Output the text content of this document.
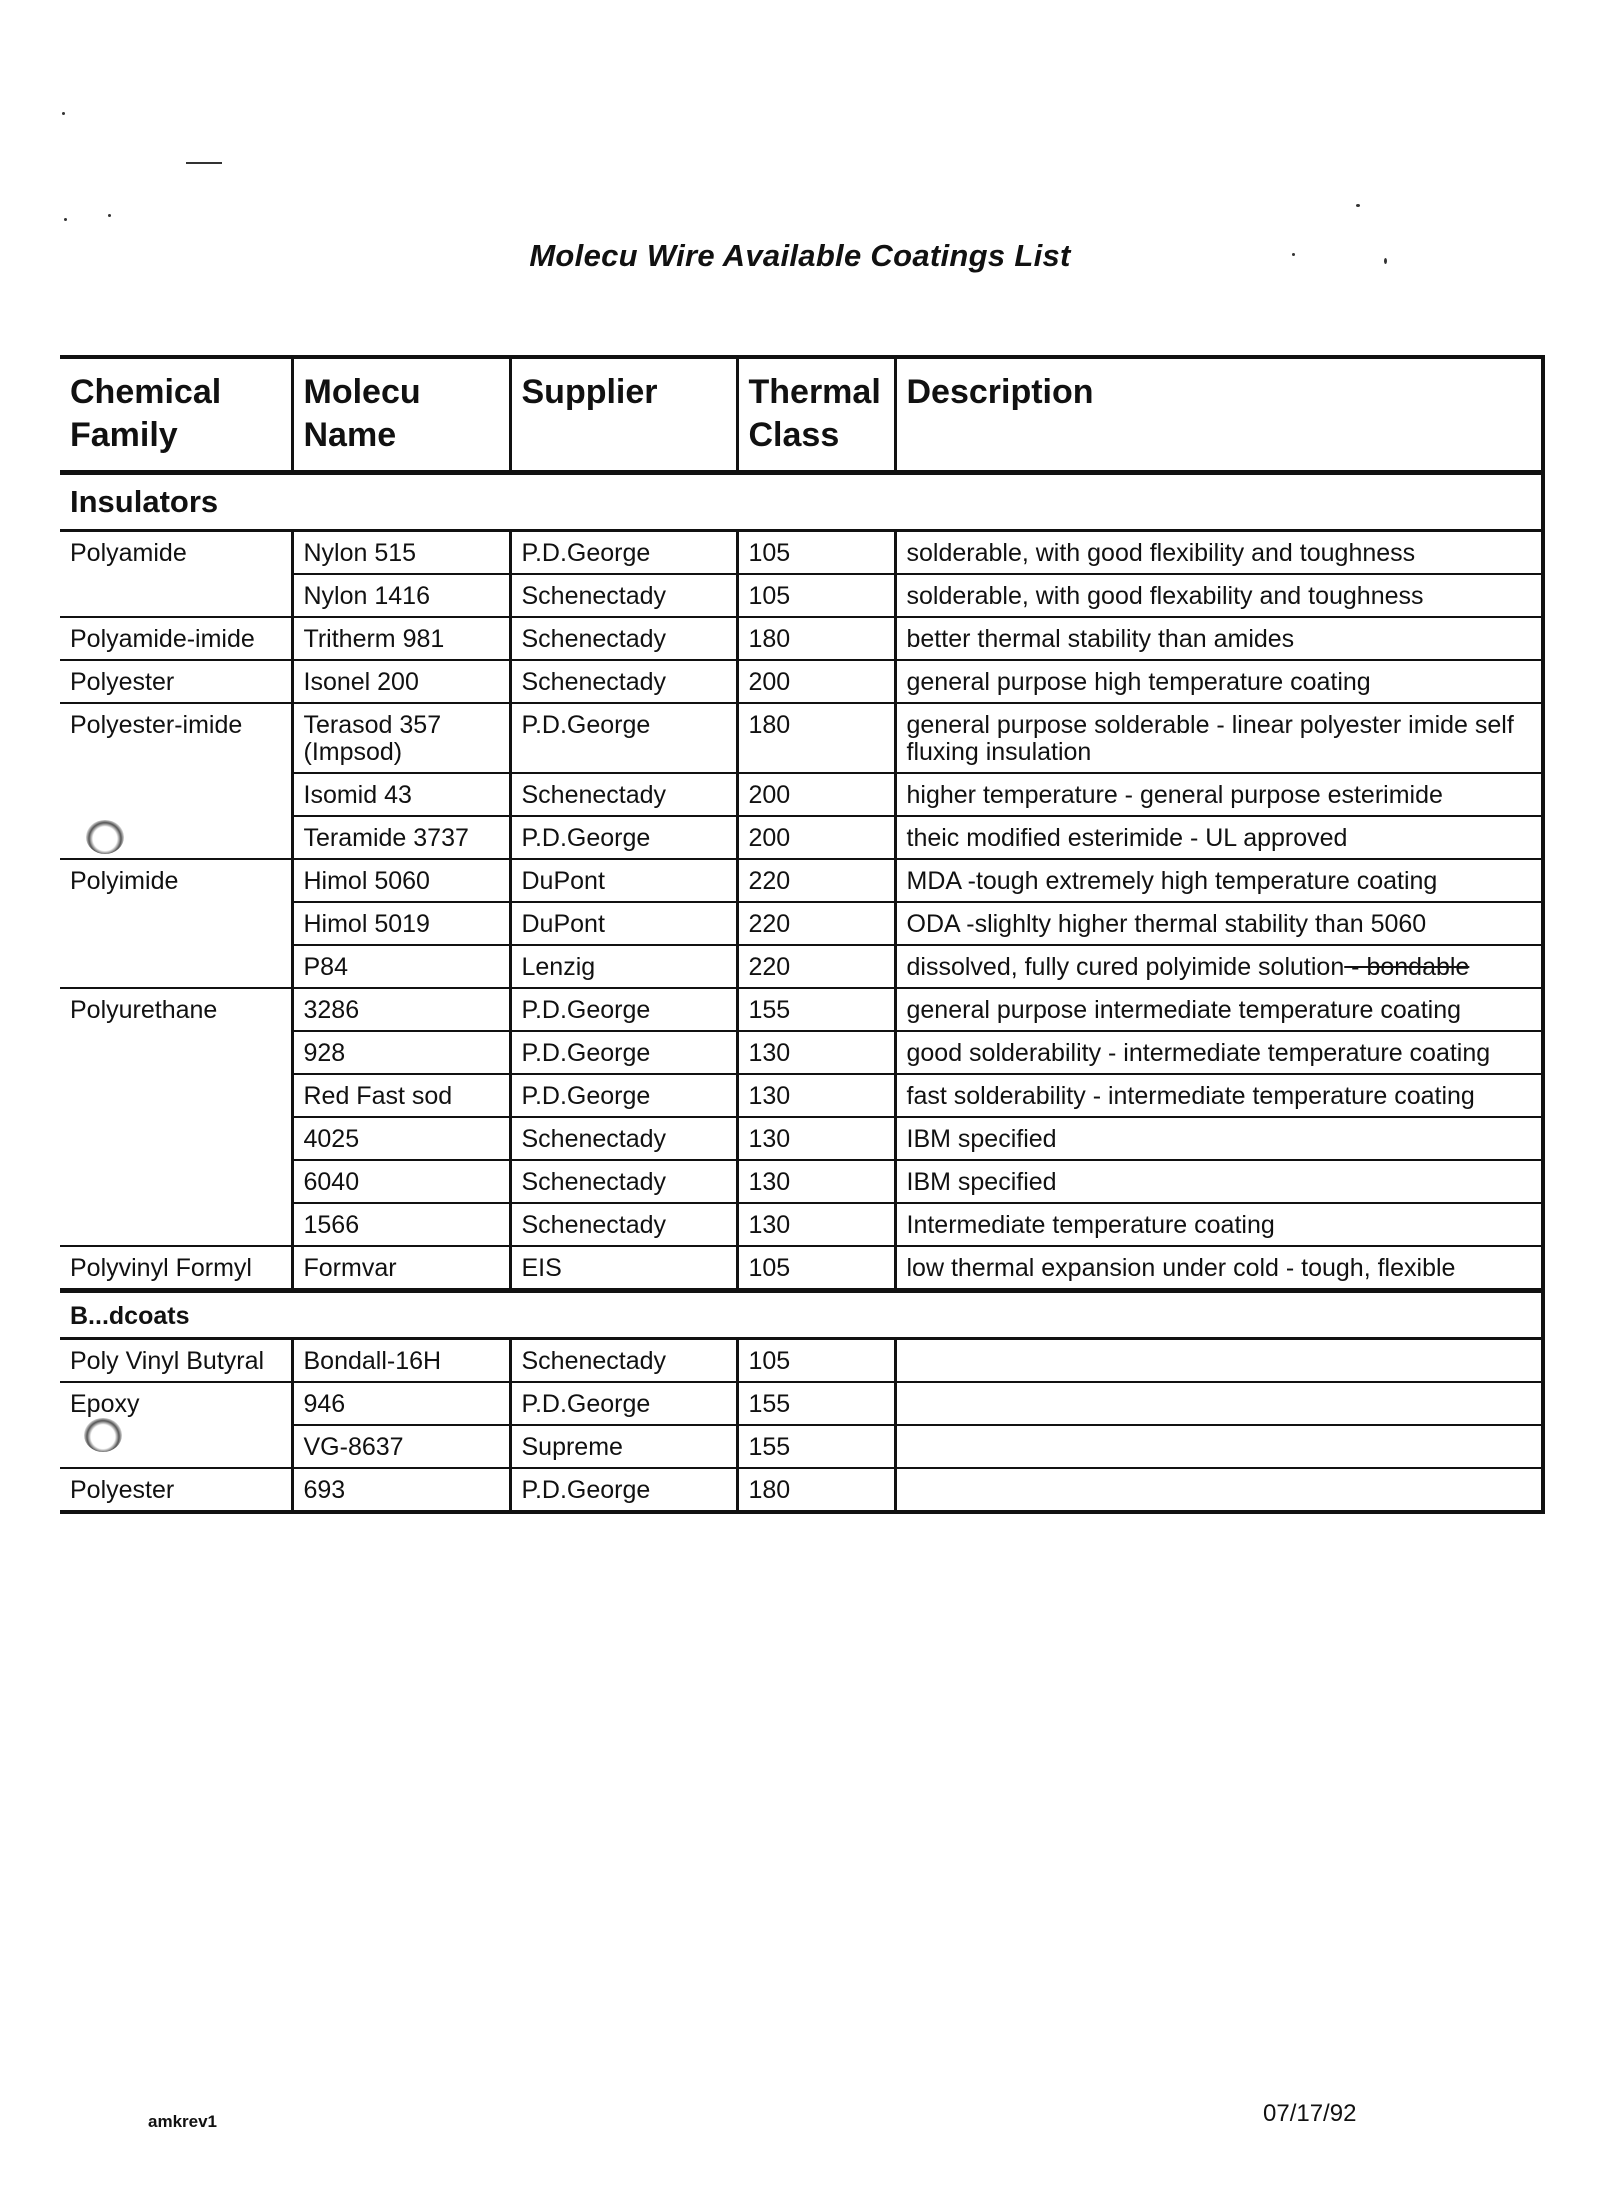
Molecu Wire Available Coatings List
Chemical Family	Molecu Name	Supplier	Thermal Class	Description
Insulators				
Polyamide	Nylon 515	P.D.George	105	solderable, with good flexibility and toughness
	Nylon 1416	Schenectady	105	solderable, with good flexability and toughness
Polyamide-imide	Tritherm 981	Schenectady	180	better thermal stability than amides
Polyester	Isonel 200	Schenectady	200	general purpose high temperature coating
Polyester-imide	Terasod 357 (Impsod)	P.D.George	180	general purpose solderable - linear polyester imide self fluxing insulation
	Isomid 43	Schenectady	200	higher temperature - general purpose esterimide
	Teramide 3737	P.D.George	200	theic modified esterimide - UL approved
Polyimide	Himol 5060	DuPont	220	MDA -tough extremely high temperature coating
	Himol 5019	DuPont	220	ODA -slighlty higher thermal stability than 5060
	P84	Lenzig	220	dissolved, fully cured polyimide solution - bondable
Polyurethane	3286	P.D.George	155	general purpose intermediate temperature coating
	928	P.D.George	130	good solderability - intermediate temperature coating
	Red Fast sod	P.D.George	130	fast solderability - intermediate temperature coating
	4025	Schenectady	130	IBM specified
	6040	Schenectady	130	IBM specified
	1566	Schenectady	130	Intermediate temperature coating
Polyvinyl Formyl	Formvar	EIS	105	low thermal expansion under cold - tough, flexible
B...dcoats				
Poly Vinyl Butyral	Bondall-16H	Schenectady	105	
Epoxy	946	P.D.George	155	
	VG-8637	Supreme	155	
Polyester	693	P.D.George	180	
amkrev1	07/17/92
